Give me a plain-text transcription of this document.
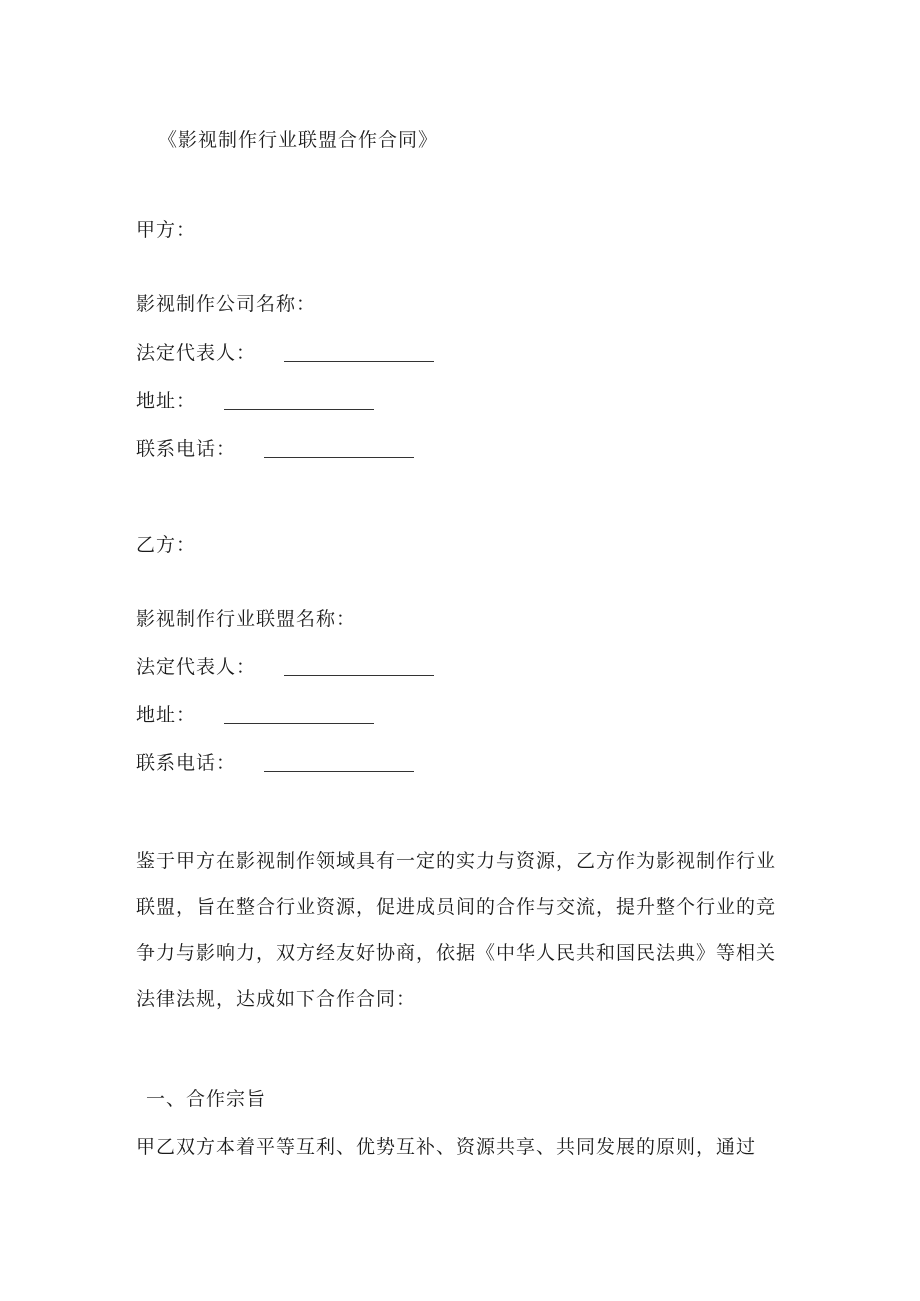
《影视制作行业联盟合作合同》
甲方：
影视制作公司名称：
法定代表人：
地址：
联系电话：
乙方：
影视制作行业联盟名称：
法定代表人：
地址：
联系电话：
鉴于甲方在影视制作领域具有一定的实力与资源，乙方作为影视制作行业
联盟，旨在整合行业资源，促进成员间的合作与交流，提升整个行业的竞
争力与影响力，双方经友好协商，依据《中华人民共和国民法典》等相关
法律法规，达成如下合作合同：
一、合作宗旨
甲乙双方本着平等互利、优势互补、资源共享、共同发展的原则，通过
